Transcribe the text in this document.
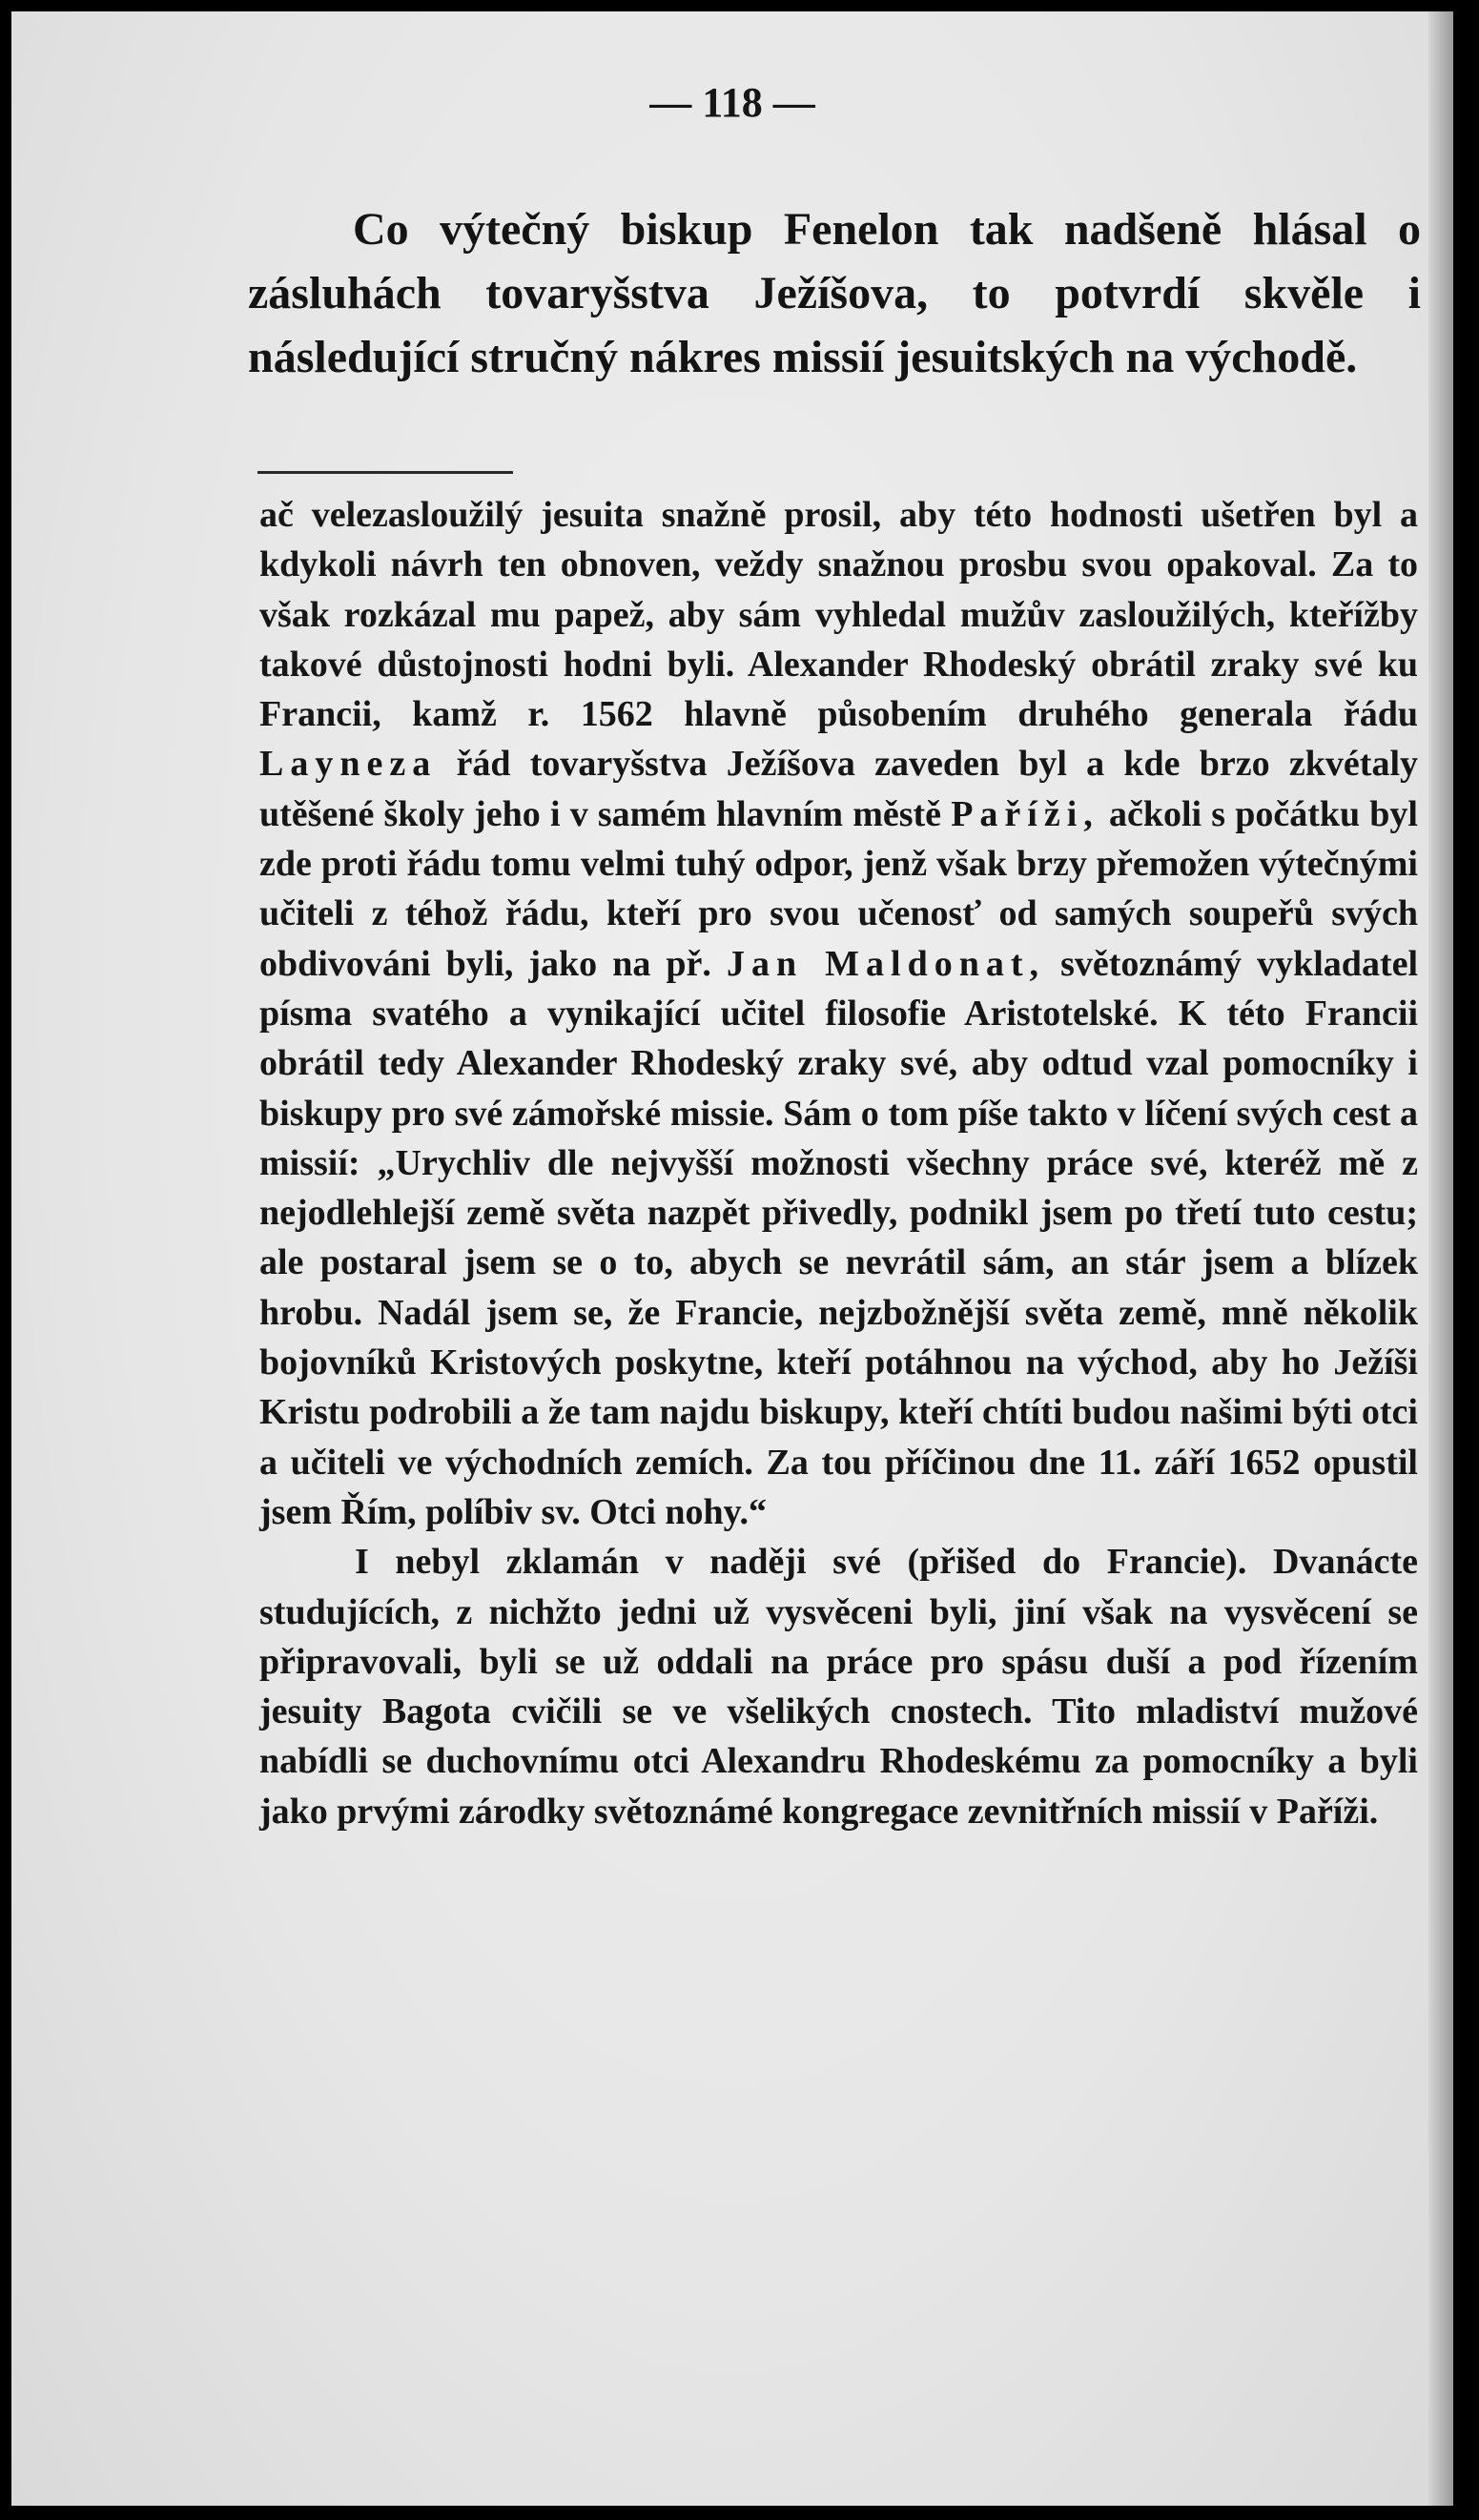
— 118 —

Co výtečný biskup Fenelon tak nadšeně hlásal o zásluhách tovaryšstva Ježíšova, to potvrdí skvěle i následující stručný nákres missií jesuitských na východě.

ač velezasloužilý jesuita snažně prosil, aby této hodnosti ušetřen byl a kdykoli návrh ten obnoven, veždy snažnou prosbu svou opakoval. Za to však rozkázal mu papež, aby sám vyhledal mužův zasloužilých, kteřížby takové důstojnosti hodni byli. Alexander Rhodeský obrátil zraky své ku Francii, kamž r. 1562 hlavně působením druhého generala řádu Layneza řád tovaryšstva Ježíšova zaveden byl a kde brzo zkvétaly utěšené školy jeho i v samém hlavním městě Paříži, ačkoli s počátku byl zde proti řádu tomu velmi tuhý odpor, jenž však brzy přemožen výtečnými učiteli z téhož řádu, kteří pro svou učenosť od samých soupeřů svých obdivováni byli, jako na př. Jan Maldonat, světoznámý vykladatel písma svatého a vynikající učitel filosofie Aristotelské. K této Francii obrátil tedy Alexander Rhodeský zraky své, aby odtud vzal pomocníky i biskupy pro své zámořské missie. Sám o tom píše takto v líčení svých cest a missií: „Urychliv dle nejvyšší možnosti všechny práce své, kteréž mě z nejodlehlejší země světa nazpět přivedly, podnikl jsem po třetí tuto cestu; ale postaral jsem se o to, abych se nevrátil sám, an stár jsem a blízek hrobu. Nadál jsem se, že Francie, nejzbožnější světa země, mně několik bojovníků Kristových poskytne, kteří potáhnou na východ, aby ho Ježíši Kristu podrobili a že tam najdu biskupy, kteří chtíti budou našimi býti otci a učiteli ve východních zemích. Za tou příčinou dne 11. září 1652 opustil jsem Řím, políbiv sv. Otci nohy.“

I nebyl zklamán v naději své (přišed do Francie). Dvanácte studujících, z nichžto jedni už vysvěceni byli, jiní však na vysvěcení se připravovali, byli se už oddali na práce pro spásu duší a pod řízením jesuity Bagota cvičili se ve všelikých cnostech. Tito mladiství mužové nabídli se duchovnímu otci Alexandru Rhodeskému za pomocníky a byli jako prvými zárodky světoznámé kongregace zevnitřních missií v Paříži.
